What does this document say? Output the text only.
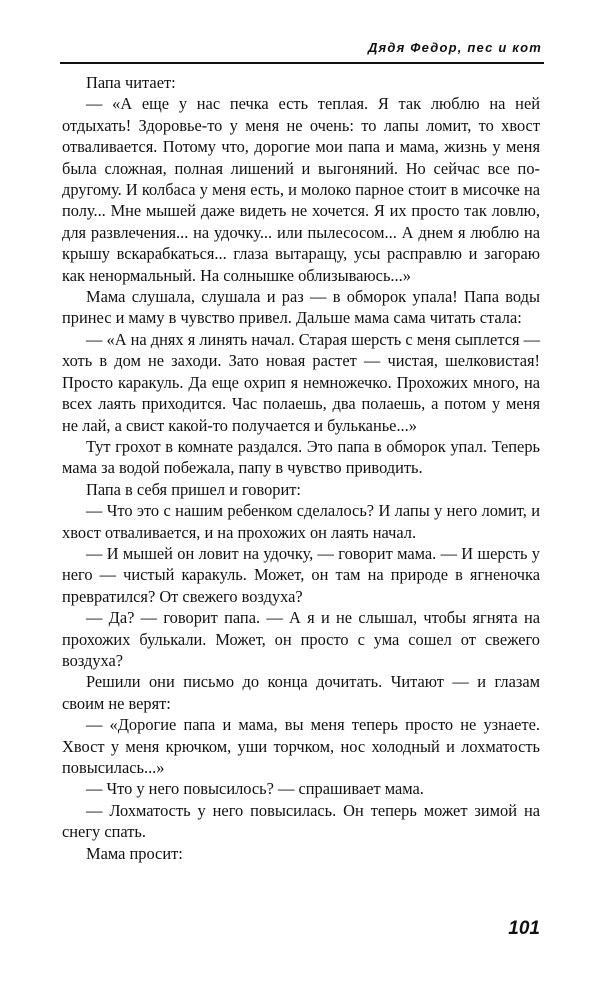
Дядя Федор, пес и кот

Папа читает:

— «А еще у нас печка есть теплая. Я так люблю на ней отдыхать! Здоровье-то у меня не очень: то лапы ломит, то хвост отваливается. Потому что, дорогие мои папа и мама, жизнь у меня была сложная, полная лишений и выгоняний. Но сейчас все по-другому. И колбаса у меня есть, и молоко парное стоит в мисочке на полу... Мне мышей даже видеть не хочется. Я их просто так ловлю, для развлечения... на удочку... или пылесосом... А днем я люблю на крышу вскарабкаться... глаза вытаращу, усы расправлю и загораю как ненормальный. На солнышке облизываюсь...»

Мама слушала, слушала и раз — в обморок упала! Папа воды принес и маму в чувство привел. Дальше мама сама читать стала:

— «А на днях я линять начал. Старая шерсть с меня сыплется — хоть в дом не заходи. Зато новая растет — чистая, шелковистая! Просто каракуль. Да еще охрип я немножечко. Прохожих много, на всех лаять приходится. Час полаешь, два полаешь, а потом у меня не лай, а свист какой-то получается и бульканье...»

Тут грохот в комнате раздался. Это папа в обморок упал. Теперь мама за водой побежала, папу в чувство приводить.

Папа в себя пришел и говорит:

— Что это с нашим ребенком сделалось? И лапы у него ломит, и хвост отваливается, и на прохожих он лаять начал.

— И мышей он ловит на удочку, — говорит мама. — И шерсть у него — чистый каракуль. Может, он там на природе в ягненочка превратился? От свежего воздуха?

— Да? — говорит папа. — А я и не слышал, чтобы ягнята на прохожих булькали. Может, он просто с ума сошел от свежего воздуха?

Решили они письмо до конца дочитать. Читают — и глазам своим не верят:

— «Дорогие папа и мама, вы меня теперь просто не узнаете. Хвост у меня крючком, уши торчком, нос холодный и лохматость повысилась...»

— Что у него повысилось? — спрашивает мама.

— Лохматость у него повысилась. Он теперь может зимой на снегу спать.

Мама просит:

101
